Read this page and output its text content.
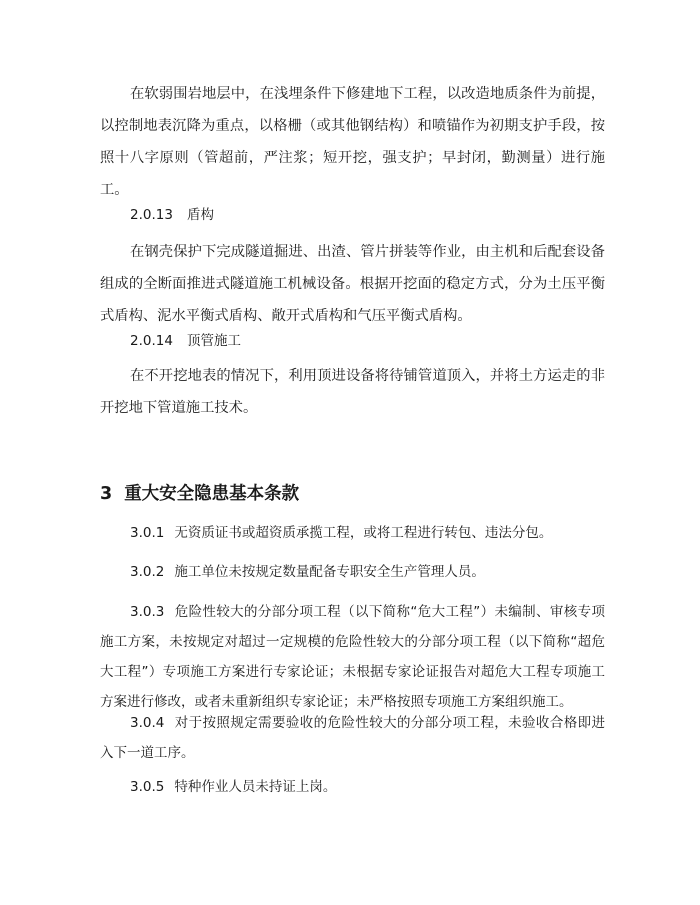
在软弱围岩地层中，在浅埋条件下修建地下工程，以改造地质条件为前提，以控制地表沉降为重点，以格栅（或其他钢结构）和喷锚作为初期支护手段，按照十八字原则（管超前，严注浆；短开挖，强支护；早封闭，勤测量）进行施工。

2.0.13 盾构

在钢壳保护下完成隧道掘进、出渣、管片拼装等作业，由主机和后配套设备组成的全断面推进式隧道施工机械设备。根据开挖面的稳定方式，分为土压平衡式盾构、泥水平衡式盾构、敞开式盾构和气压平衡式盾构。

2.0.14 顶管施工

在不开挖地表的情况下，利用顶进设备将待铺管道顶入，并将土方运走的非开挖地下管道施工技术。

3 重大安全隐患基本条款

3.0.1 无资质证书或超资质承揽工程，或将工程进行转包、违法分包。

3.0.2 施工单位未按规定数量配备专职安全生产管理人员。

3.0.3 危险性较大的分部分项工程（以下简称“危大工程”）未编制、审核专项施工方案，未按规定对超过一定规模的危险性较大的分部分项工程（以下简称“超危大工程”）专项施工方案进行专家论证；未根据专家论证报告对超危大工程专项施工方案进行修改，或者未重新组织专家论证；未严格按照专项施工方案组织施工。

3.0.4 对于按照规定需要验收的危险性较大的分部分项工程，未验收合格即进入下一道工序。

3.0.5 特种作业人员未持证上岗。
